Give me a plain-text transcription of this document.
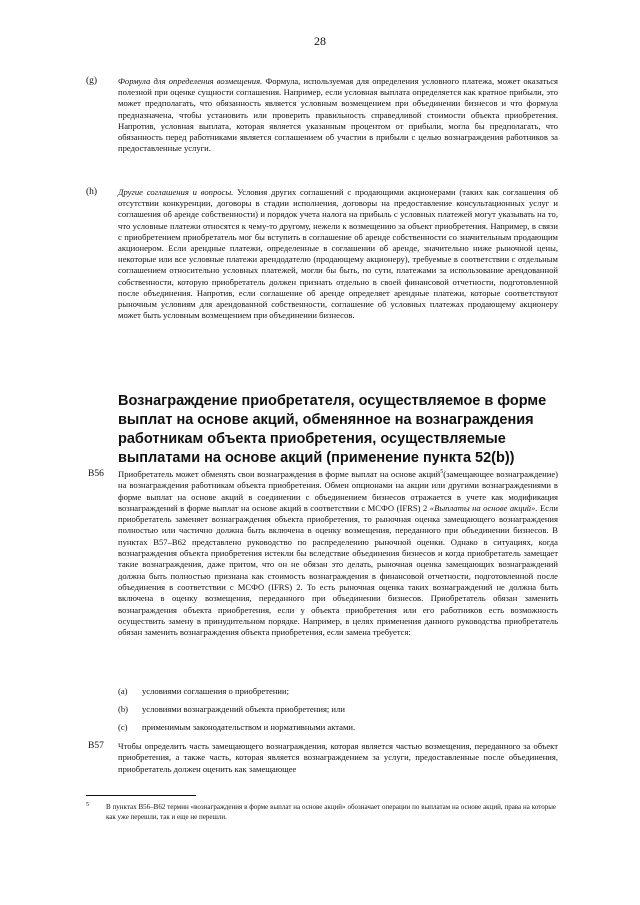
28
(g) Формула для определения возмещения. Формула, используемая для определения условного платежа, может оказаться полезной при оценке сущности соглашения. Например, если условная выплата определяется как кратное прибыли, это может предполагать, что обязанность является условным возмещением при объединении бизнесов и что формула предназначена, чтобы установить или проверить правильность справедливой стоимости объекта приобретения. Напротив, условная выплата, которая является указанным процентом от прибыли, могла бы предполагать, что обязанность перед работниками является соглашением об участии в прибыли с целью вознаграждения работников за предоставленные услуги.
(h) Другие соглашения и вопросы. Условия других соглашений с продающими акционерами (таких как соглашения об отсутствии конкуренции, договоры в стадии исполнения, договоры на предоставление консультационных услуг и соглашения об аренде собственности) и порядок учета налога на прибыль с условных платежей могут указывать на то, что условные платежи относятся к чему-то другому, нежели к возмещению за объект приобретения. Например, в связи с приобретением приобретатель мог бы вступить в соглашение об аренде собственности со значительным продающим акционером. Если арендные платежи, определенные в соглашении об аренде, значительно ниже рыночной цены, некоторые или все условные платежи арендодателю (продающему акционеру), требуемые в соответствии с отдельным соглашением относительно условных платежей, могли бы быть, по сути, платежами за использование арендованной собственности, которую приобретатель должен признать отдельно в своей финансовой отчетности, подготовленной после объединения. Напротив, если соглашение об аренде определяет арендные платежи, которые соответствуют рыночным условиям для арендованной собственности, соглашение об условных платежах продающему акционеру может быть условным возмещением при объединении бизнесов.
Вознаграждение приобретателя, осуществляемое в форме выплат на основе акций, обменянное на вознаграждения работникам объекта приобретения, осуществляемые выплатами на основе акций (применение пункта 52(b))
B56 Приобретатель может обменять свои вознаграждения в форме выплат на основе акций$^5$(замещающее вознаграждение) на вознаграждения работникам объекта приобретения. Обмен опционами на акции или другими вознаграждениями в форме выплат на основе акций в соединении с объединением бизнесов отражается в учете как модификация вознаграждений в форме выплат на основе акций в соответствии с МСФО (IFRS) 2 «Выплаты на основе акций». Если приобретатель заменяет вознаграждения объекта приобретения, то рыночная оценка замещающего вознаграждения полностью или частично должна быть включена в оценку возмещения, переданного при объединении бизнесов. В пунктах B57–B62 представлено руководство по распределению рыночной оценки. Однако в ситуациях, когда вознаграждения объекта приобретения истекли бы вследствие объединения бизнесов и когда приобретатель замещает такие вознаграждения, даже притом, что он не обязан это делать, рыночная оценка замещающих вознаграждений должна быть полностью признана как стоимость вознаграждения в финансовой отчетности, подготовленной после объединения в соответствии с МСФО (IFRS) 2. То есть рыночная оценка таких вознаграждений не должна быть включена в оценку возмещения, переданного при объединении бизнесов. Приобретатель обязан заменить вознаграждения объекта приобретения, если у объекта приобретения или его работников есть возможность осуществить замену в принудительном порядке. Например, в целях применения данного руководства приобретатель обязан заменить вознаграждения объекта приобретения, если замена требуется:
(a) условиями соглашения о приобретении;
(b) условиями вознаграждений объекта приобретения; или
(c) применимым законодательством и нормативными актами.
B57 Чтобы определить часть замещающего вознаграждения, которая является частью возмещения, переданного за объект приобретения, а также часть, которая является вознаграждением за услуги, предоставленные после объединения, приобретатель должен оценить как замещающее
5	В пунктах B56–B62 термин «вознаграждения в форме выплат на основе акций» обозначает операции по выплатам на основе акций, права на которые как уже перешли, так и еще не перешли.
